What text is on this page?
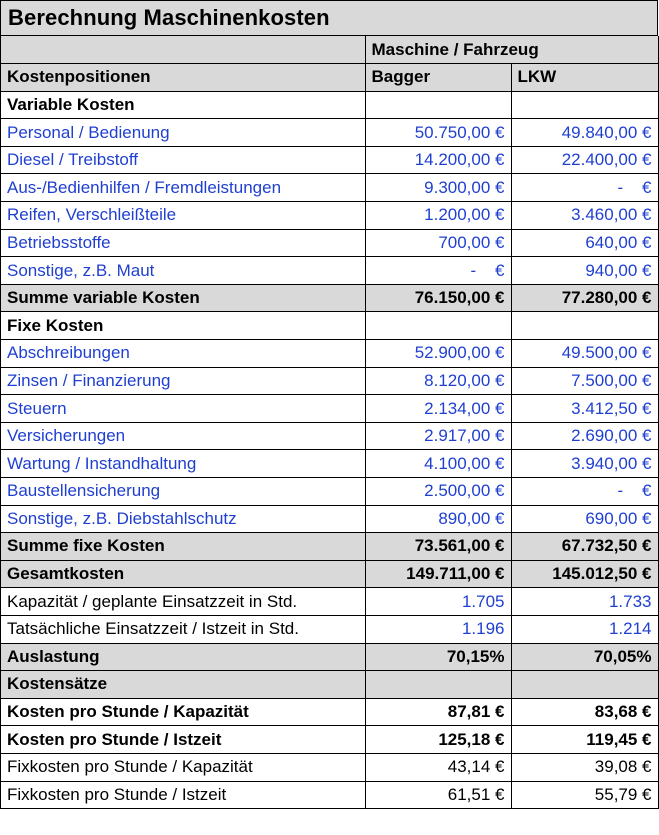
Berechnung Maschinenkosten
	Maschine / Fahrzeug	
Kostenpositionen	Bagger	LKW
Variable Kosten		
Personal / Bedienung	50.750,00 €	49.840,00 €
Diesel / Treibstoff	14.200,00 €	22.400,00 €
Aus-/Bedienhilfen / Fremdleistungen	9.300,00 €	-    €
Reifen, Verschleißteile	1.200,00 €	3.460,00 €
Betriebsstoffe	700,00 €	640,00 €
Sonstige, z.B. Maut	-    €	940,00 €
Summe variable Kosten	76.150,00 €	77.280,00 €
Fixe Kosten		
Abschreibungen	52.900,00 €	49.500,00 €
Zinsen / Finanzierung	8.120,00 €	7.500,00 €
Steuern	2.134,00 €	3.412,50 €
Versicherungen	2.917,00 €	2.690,00 €
Wartung / Instandhaltung	4.100,00 €	3.940,00 €
Baustellensicherung	2.500,00 €	-    €
Sonstige, z.B. Diebstahlschutz	890,00 €	690,00 €
Summe fixe Kosten	73.561,00 €	67.732,50 €
Gesamtkosten	149.711,00 €	145.012,50 €
Kapazität / geplante Einsatzzeit in Std.	1.705	1.733
Tatsächliche Einsatzzeit / Istzeit in Std.	1.196	1.214
Auslastung	70,15%	70,05%
Kostensätze		
Kosten pro Stunde / Kapazität	87,81 €	83,68 €
Kosten pro Stunde / Istzeit	125,18 €	119,45 €
Fixkosten pro Stunde / Kapazität	43,14 €	39,08 €
Fixkosten pro Stunde / Istzeit	61,51 €	55,79 €
